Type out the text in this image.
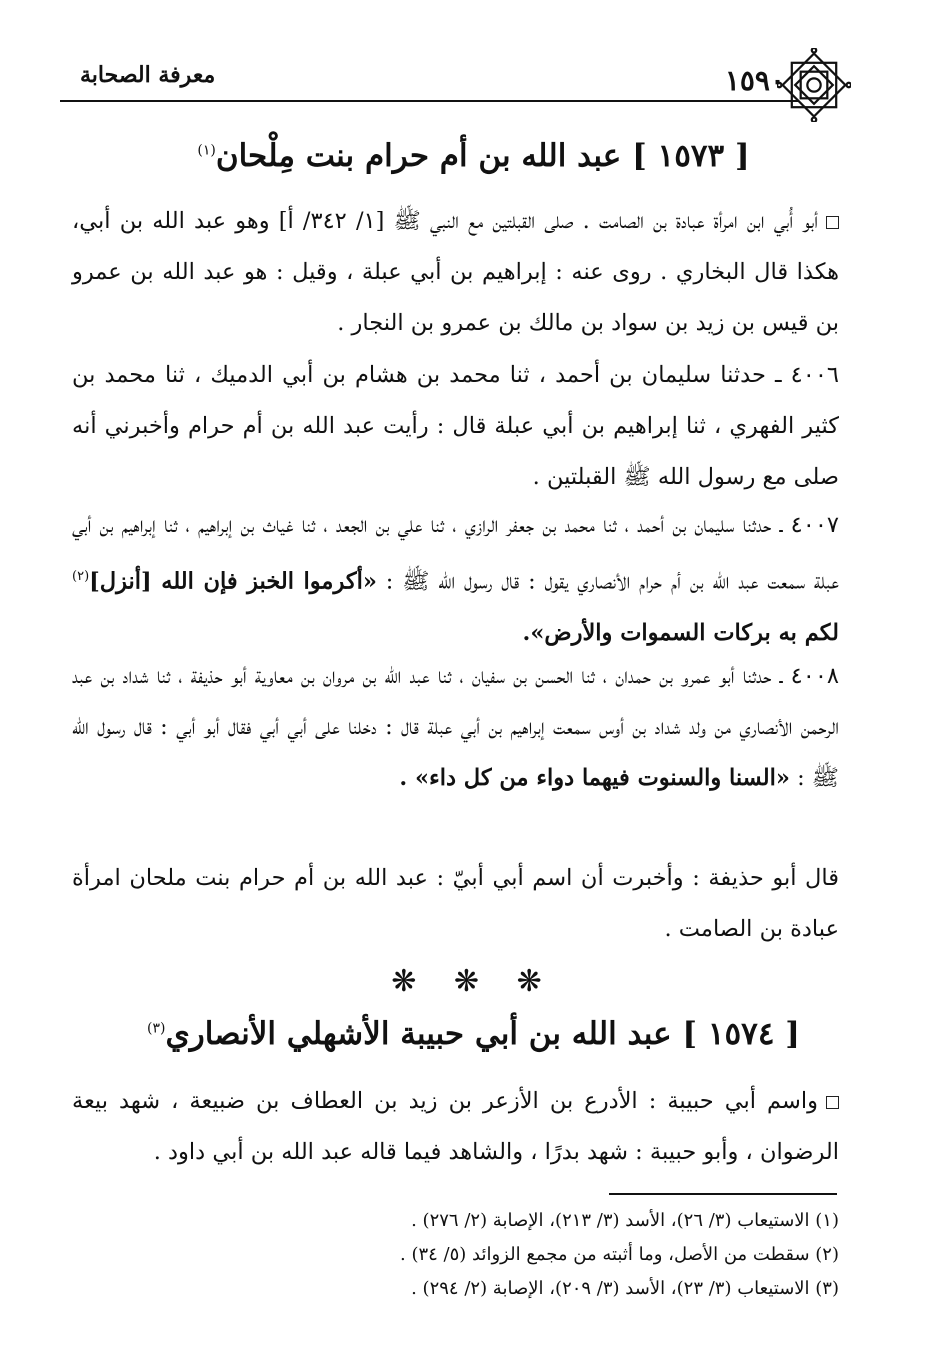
١٥٩٠
معرفة الصحابة
[ ١٥٧٣ ] عبد الله بن أم حرام بنت مِلْحان$^{(١)}$

أبو أُبي ابن امرأة عبادة بن الصامت . صلى القبلتين مع النبي ﷺ [١/ ٣٤٢/ أ] وهو عبد الله بن أبي، هكذا قال البخاري . روى عنه : إبراهيم بن أبي عبلة ، وقيل : هو عبد الله بن عمرو بن قيس بن زيد بن سواد بن مالك بن عمرو بن النجار .

٤٠٠٦ ـ حدثنا سليمان بن أحمد ، ثنا محمد بن هشام بن أبي الدميك ، ثنا محمد بن كثير الفهري ، ثنا إبراهيم بن أبي عبلة قال : رأيت عبد الله بن أم حرام وأخبرني أنه صلى مع رسول الله ﷺ القبلتين .

٤٠٠٧ ـ حدثنا سليمان بن أحمد ، ثنا محمد بن جعفر الرازي ، ثنا علي بن الجعد ، ثنا غياث بن إبراهيم ، ثنا إبراهيم بن أبي عبلة سمعت عبد الله بن أم حرام الأنصاري يقول : قال رسول الله ﷺ : «أكرموا الخبز فإن الله [أنزل]$^{(٢)}$ لكم به بركات السموات والأرض».

٤٠٠٨ ـ حدثنا أبو عمرو بن حمدان ، ثنا الحسن بن سفيان ، ثنا عبد الله بن مروان بن معاوية أبو حذيفة ، ثنا شداد بن عبد الرحمن الأنصاري من ولد شداد بن أوس سمعت إبراهيم بن أبي عبلة قال : دخلنا على أبي أبي فقال أبو أبي : قال رسول الله ﷺ : «السنا والسنوت فيهما دواء من كل داء» .

قال أبو حذيفة : وأخبرت أن اسم أبي أبيّ : عبد الله بن أم حرام بنت ملحان امرأة عبادة بن الصامت .

❋ ❋ ❋
[ ١٥٧٤ ] عبد الله بن أبي حبيبة الأشهلي الأنصاري$^{(٣)}$

واسم أبي حبيبة : الأدرع بن الأزعر بن زيد بن العطاف بن ضبيعة ، شهد بيعة الرضوان ، وأبو حبيبة : شهد بدرًا ، والشاهد فيما قاله عبد الله بن أبي داود .

(١) الاستيعاب (٣/ ٢٦)، الأسد (٣/ ٢١٣)، الإصابة (٢/ ٢٧٦) .
(٢) سقطت من الأصل، وما أثبته من مجمع الزوائد (٥/ ٣٤) .
(٣) الاستيعاب (٣/ ٢٣)، الأسد (٣/ ٢٠٩)، الإصابة (٢/ ٢٩٤) .
